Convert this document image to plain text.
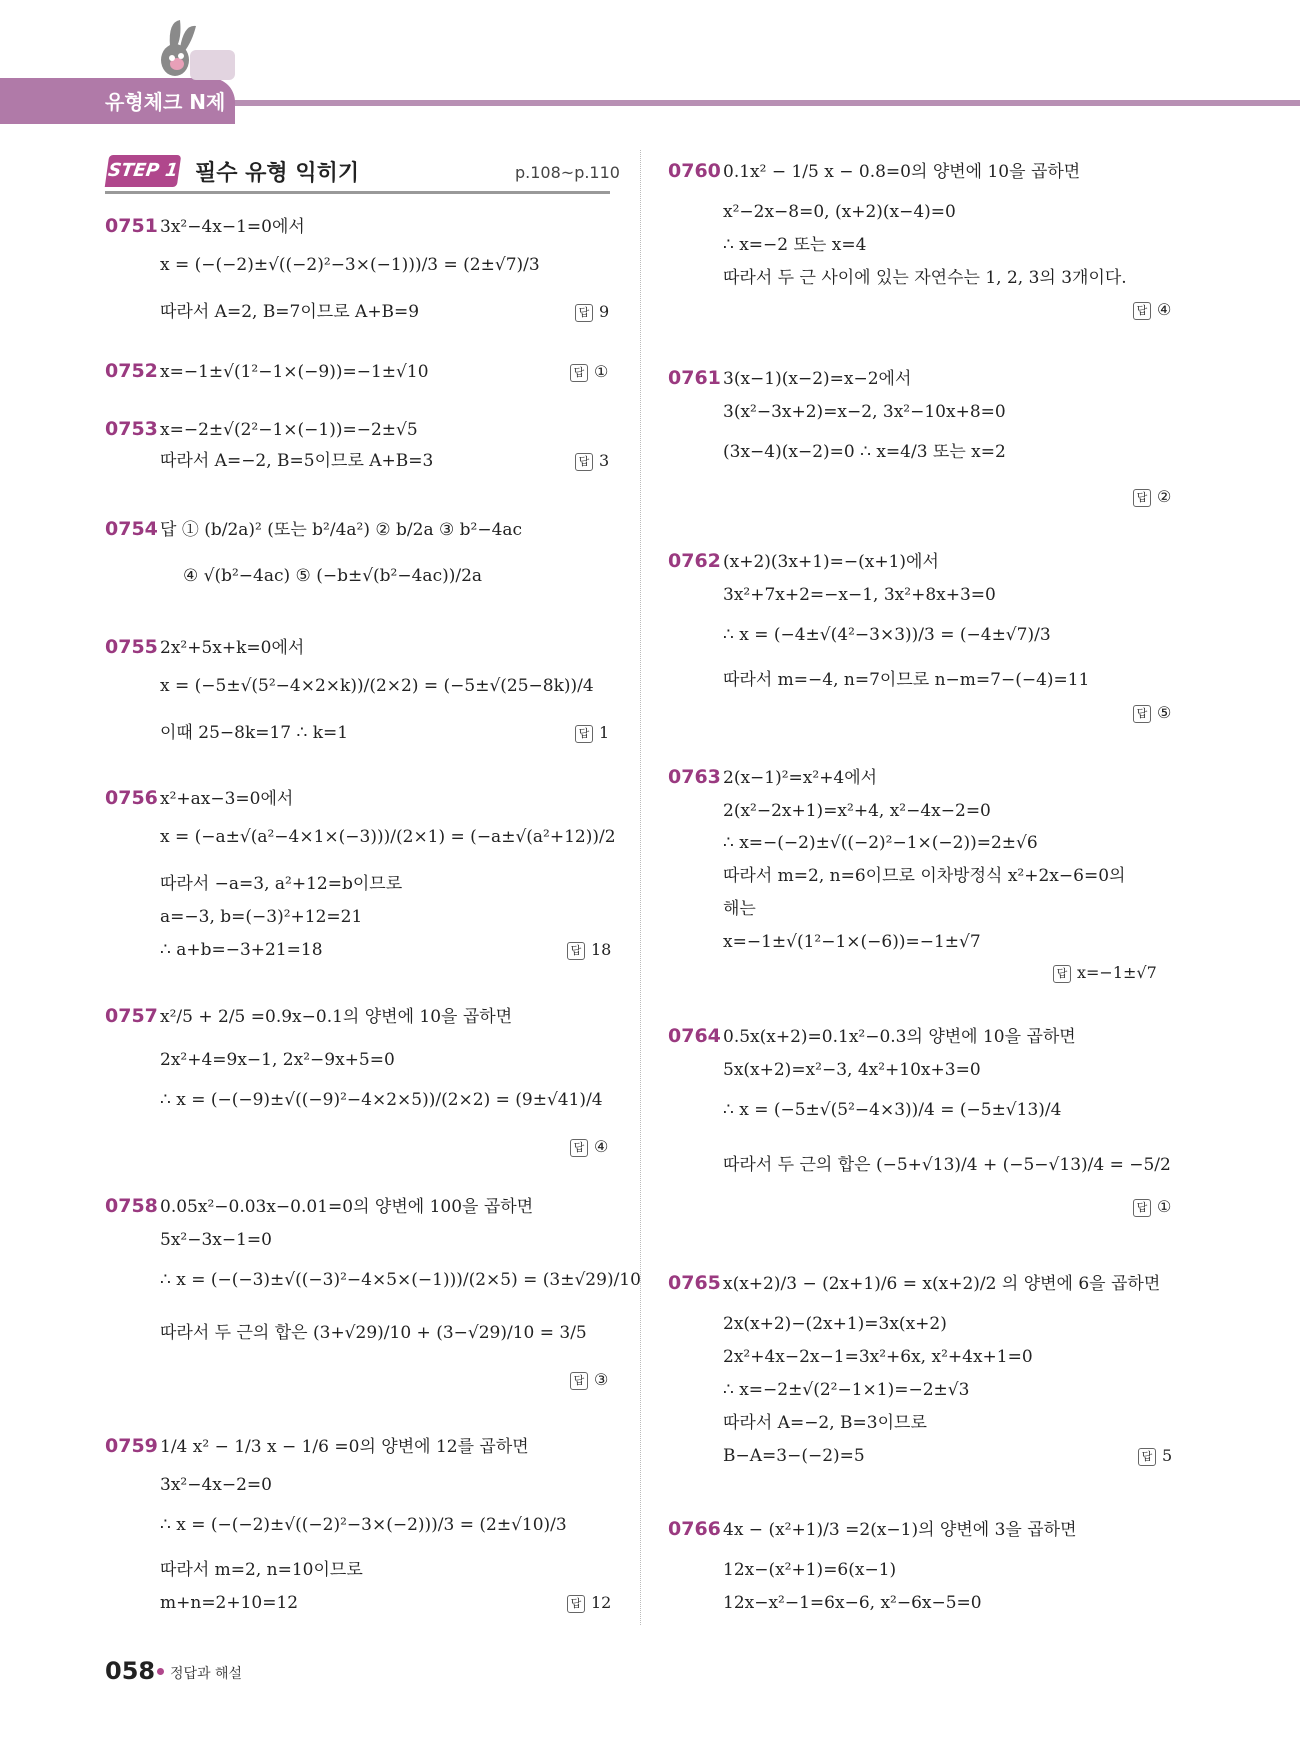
유형체크 N제
STEP 1 필수 유형 익히기	p.108~p.110
0751 3x²−4x−1=0에서
x = (−(−2)±√((−2)²−3×(−1)))/3 = (2±√7)/3
따라서 A=2, B=7이므로 A+B=9	답 9
0752 x=−1±√(1²−1×(−9))=−1±√10	답 ①
0753 x=−2±√(2²−1×(−1))=−2±√5
따라서 A=−2, B=5이므로 A+B=3	답 3
0754 답 ① (b/2a)² (또는 b²/4a²) ② b/2a ③ b²−4ac
④ √(b²−4ac) ⑤ (−b±√(b²−4ac))/2a
0755 2x²+5x+k=0에서
x = (−5±√(5²−4×2×k))/(2×2) = (−5±√(25−8k))/4
이때 25−8k=17 ∴ k=1	답 1
0756 x²+ax−3=0에서
x = (−a±√(a²−4×1×(−3)))/(2×1) = (−a±√(a²+12))/2
따라서 −a=3, a²+12=b이므로
a=−3, b=(−3)²+12=21
∴ a+b=−3+21=18	답 18
0757 x²/5 + 2/5 =0.9x−0.1의 양변에 10을 곱하면
2x²+4=9x−1, 2x²−9x+5=0
∴ x = (−(−9)±√((−9)²−4×2×5))/(2×2) = (9±√41)/4
답 ④
0758 0.05x²−0.03x−0.01=0의 양변에 100을 곱하면
5x²−3x−1=0
∴ x = (−(−3)±√((−3)²−4×5×(−1)))/(2×5) = (3±√29)/10
따라서 두 근의 합은 (3+√29)/10 + (3−√29)/10 = 3/5
답 ③
0759 1/4 x² − 1/3 x − 1/6 =0의 양변에 12를 곱하면
3x²−4x−2=0
∴ x = (−(−2)±√((−2)²−3×(−2)))/3 = (2±√10)/3
따라서 m=2, n=10이므로
m+n=2+10=12	답 12
0760 0.1x² − 1/5 x − 0.8=0의 양변에 10을 곱하면
x²−2x−8=0, (x+2)(x−4)=0
∴ x=−2 또는 x=4
따라서 두 근 사이에 있는 자연수는 1, 2, 3의 3개이다.
답 ④
0761 3(x−1)(x−2)=x−2에서
3(x²−3x+2)=x−2, 3x²−10x+8=0
(3x−4)(x−2)=0 ∴ x=4/3 또는 x=2
답 ②
0762 (x+2)(3x+1)=−(x+1)에서
3x²+7x+2=−x−1, 3x²+8x+3=0
∴ x = (−4±√(4²−3×3))/3 = (−4±√7)/3
따라서 m=−4, n=7이므로 n−m=7−(−4)=11
답 ⑤
0763 2(x−1)²=x²+4에서
2(x²−2x+1)=x²+4, x²−4x−2=0
∴ x=−(−2)±√((−2)²−1×(−2))=2±√6
따라서 m=2, n=6이므로 이차방정식 x²+2x−6=0의
해는
x=−1±√(1²−1×(−6))=−1±√7
답 x=−1±√7
0764 0.5x(x+2)=0.1x²−0.3의 양변에 10을 곱하면
5x(x+2)=x²−3, 4x²+10x+3=0
∴ x = (−5±√(5²−4×3))/4 = (−5±√13)/4
따라서 두 근의 합은 (−5+√13)/4 + (−5−√13)/4 = −5/2
답 ①
0765 x(x+2)/3 − (2x+1)/6 = x(x+2)/2 의 양변에 6을 곱하면
2x(x+2)−(2x+1)=3x(x+2)
2x²+4x−2x−1=3x²+6x, x²+4x+1=0
∴ x=−2±√(2²−1×1)=−2±√3
따라서 A=−2, B=3이므로
B−A=3−(−2)=5	답 5
0766 4x − (x²+1)/3 =2(x−1)의 양변에 3을 곱하면
12x−(x²+1)=6(x−1)
12x−x²−1=6x−6, x²−6x−5=0
058 정답과 해설
